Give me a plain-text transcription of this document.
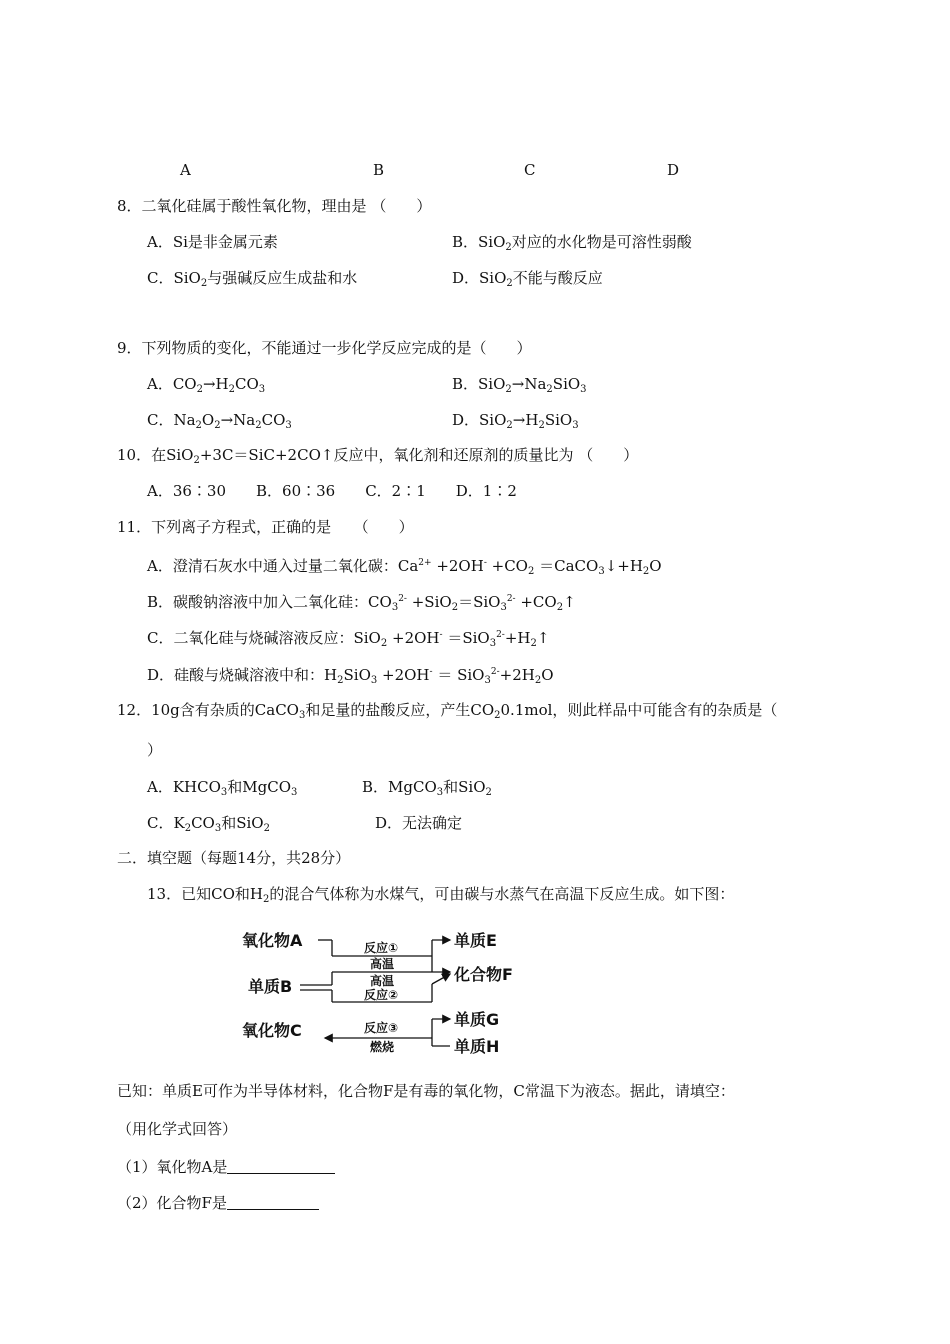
A	B	C	D
8．二氧化硅属于酸性氧化物，理由是 （　　）
A．Si是非金属元素	B．SiO$_2$对应的水化物是可溶性弱酸
C．SiO$_2$与强碱反应生成盐和水	D．SiO$_2$不能与酸反应
9．下列物质的变化，不能通过一步化学反应完成的是（　　）
A．$CO_2\to H_2CO_3$	B．$SiO_2\to Na_2SiO_3$
C．$Na_2O_2\to Na_2CO_3$	D．$SiO_2\to H_2SiO_3$
10．在SiO$_2$+3C＝SiC+2CO↑反应中，氧化剂和还原剂的质量比为 （　　）
A．36∶30　　B．60∶36　　C．2∶1　　D．1∶2
11．下列离子方程式，正确的是　　（　　）
A．澄清石灰水中通入过量二氧化碳：$Ca^{2+} +2OH^- +CO_2$ $=CaCO_3↓+H_2O$
B．碳酸钠溶液中加入二氧化硅：$CO_3^{2-} +SiO_2=SiO_3^{2-}$ $+CO_2↑$
C．二氧化硅与烧碱溶液反应：$SiO_2 +2OH^- =SiO_3^{2-}+H_2↑$
D．硅酸与烧碱溶液中和：$H_2SiO_3 +2OH^- = SiO_3^{2-}+2H_2O$
12．10g含有杂质的CaCO$_3$和足量的盐酸反应，产生$CO_20.1mol$，则此样品中可能含有的杂质是（
）
A．$KHCO_3$和MgCO$_3$	B．MgCO$_3$和SiO$_2$
C．$K_2CO_3$和SiO$_2$	D．无法确定
二．填空题（每题14分，共28分）
13．已知CO和$H_2$的混合气体称为水煤气，可由碳与水蒸气在高温下反应生成。如下图：
氧化物A
单质B
氧化物C
反应①
高温
高温
反应②
反应③
燃烧
单质E
化合物F
单质G
单质H
已知：单质E可作为半导体材料，化合物F是有毒的氧化物，C常温下为液态。据此，请填空：
（用化学式回答）
（1）氧化物A是
（2）化合物F是
